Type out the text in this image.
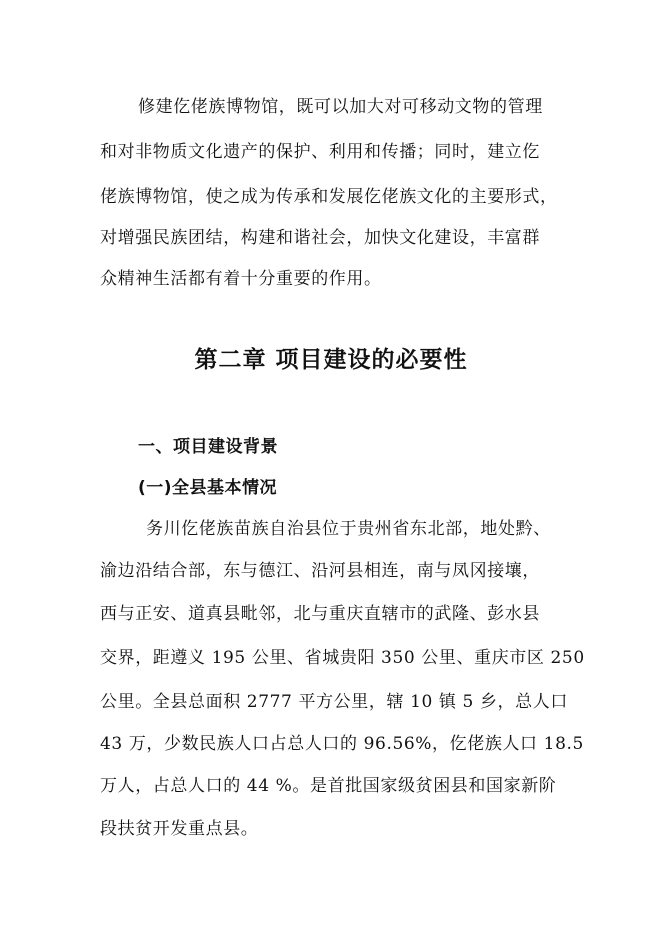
修建仡佬族博物馆，既可以加大对可移动文物的管理
和对非物质文化遗产的保护、利用和传播；同时，建立仡
佬族博物馆，使之成为传承和发展仡佬族文化的主要形式，
对增强民族团结，构建和谐社会，加快文化建设，丰富群
众精神生活都有着十分重要的作用。
第二章 项目建设的必要性
一、项目建设背景
(一)全县基本情况
务川仡佬族苗族自治县位于贵州省东北部，地处黔、
渝边沿结合部，东与德江、沿河县相连，南与凤冈接壤，
西与正安、道真县毗邻，北与重庆直辖市的武隆、彭水县
交界，距遵义 195 公里、省城贵阳 350 公里、重庆市区 250
公里。全县总面积 2777 平方公里，辖 10 镇 5 乡，总人口
43 万，少数民族人口占总人口的 96.56%，仡佬族人口 18.5
万人，占总人口的 44 %。是首批国家级贫困县和国家新阶
段扶贫开发重点县。
